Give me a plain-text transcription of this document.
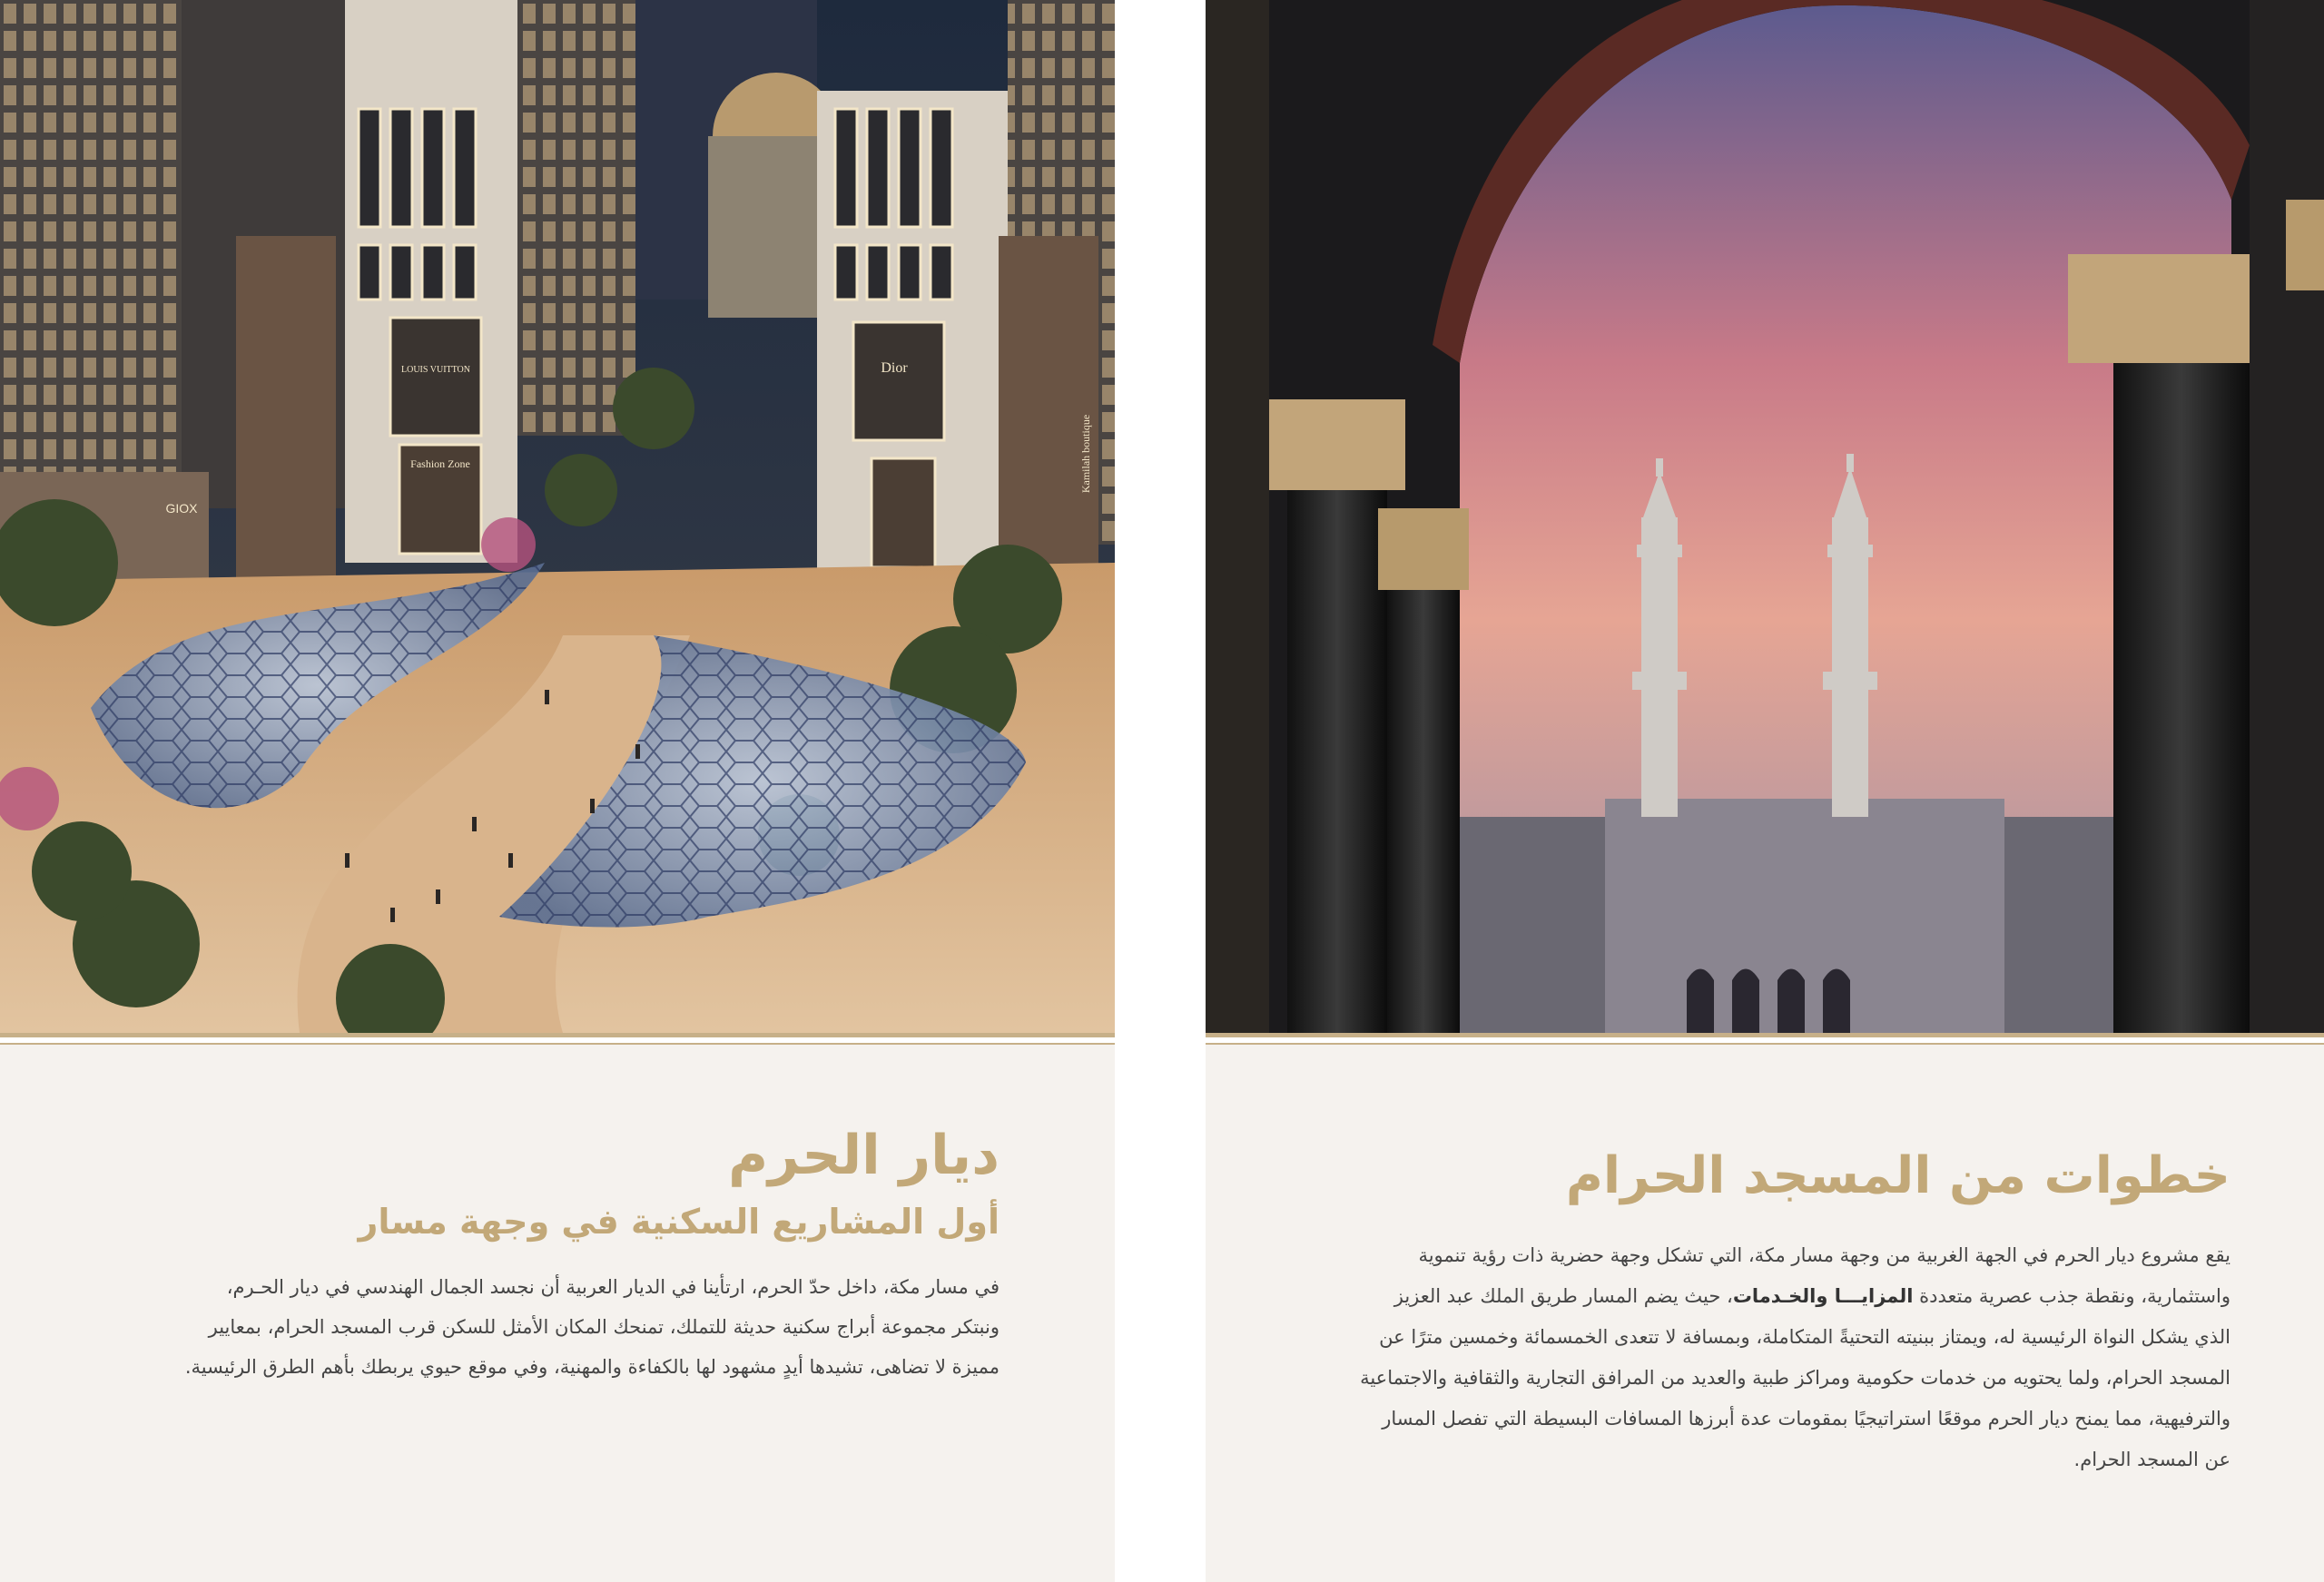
Dior
Fashion Zone
LOUIS VUITTON
GIOX
Kamilah boutique
ديار الحرم
أول المشاريع السكنية في وجهة مسار

في مسار مكة، داخل حدّ الحرم، ارتأينا في الديار العربية أن نجسد الجمال الهندسي في ديار الحـرم، ونبتكر مجموعة أبراج سكنية حديثة للتملك، تمنحك المكان الأمثل للسكن قرب المسجد الحرام، بمعايير مميزة لا تضاهى، تشيدها أيدٍ مشهود لها بالكفاءة والمهنية، وفي موقع حيوي يربطك بأهم الطرق الرئيسية.

خطوات من المسجد الحرام

يقع مشروع ديار الحرم في الجهة الغربية من وجهة مسار مكة، التي تشكل وجهة حضرية ذات رؤية تنموية واستثمارية، ونقطة جذب عصرية متعددة المزايـــا والخـدمات، حيث يضم المسار طريق الملك عبد العزيز الذي يشكل النواة الرئيسية له، ويمتاز ببنيته التحتيةً المتكاملة، وبمسافة لا تتعدى الخمسمائة وخمسين مترًا عن المسجد الحرام، ولما يحتويه من خدمات حكومية ومراكز طبية والعديد من المرافق التجارية والثقافية والاجتماعية والترفيهية، مما يمنح ديار الحرم موقعًا استراتيجيًا بمقومات عدة أبرزها المسافات البسيطة التي تفصل المسار عن المسجد الحرام.
